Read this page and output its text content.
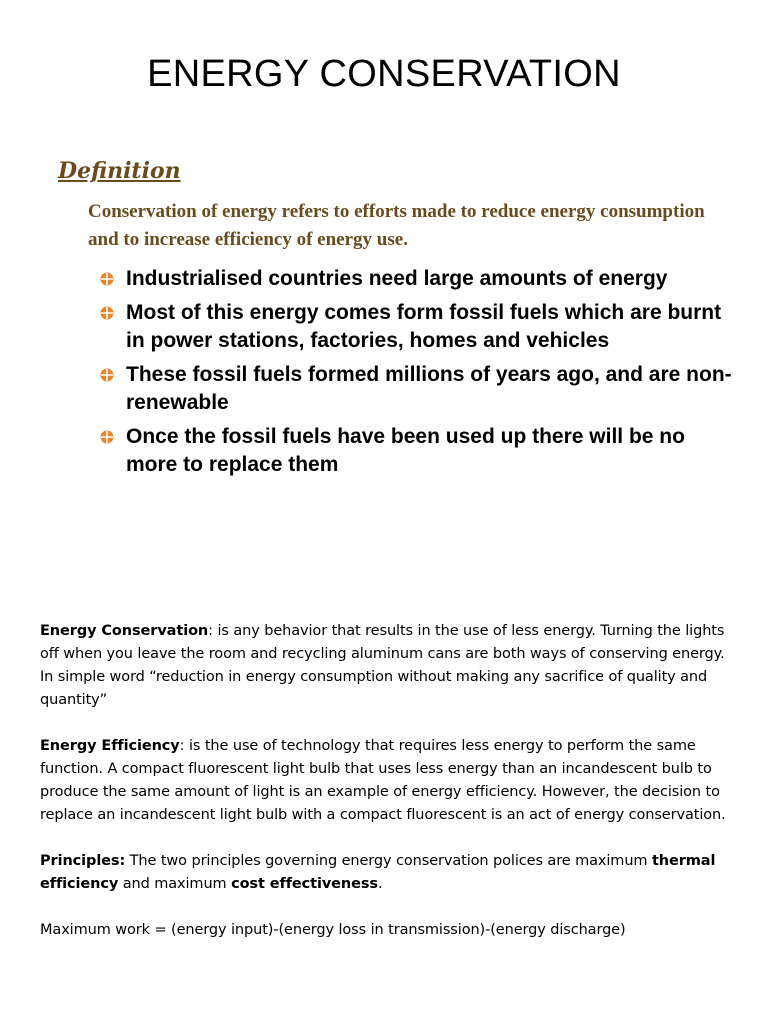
ENERGY CONSERVATION
Definition
Conservation of energy refers to efforts made to reduce energy consumption and to increase efficiency of energy use.
Industrialised countries need large amounts of energy
Most of this energy comes form fossil fuels which are burnt in power stations, factories, homes and vehicles
These fossil fuels formed millions of years ago, and are non-renewable
Once the fossil fuels have been used up there will be no more to replace them

Energy Conservation: is any behavior that results in the use of less energy. Turning the lights off when you leave the room and recycling aluminum cans are both ways of conserving energy.

In simple word “reduction in energy consumption without making any sacrifice of quality and quantity”

Energy Efficiency: is the use of technology that requires less energy to perform the same function. A compact fluorescent light bulb that uses less energy than an incandescent bulb to produce the same amount of light is an example of energy efficiency. However, the decision to replace an incandescent light bulb with a compact fluorescent is an act of energy conservation.

Principles: The two principles governing energy conservation polices are maximum thermal efficiency and maximum cost effectiveness.

Maximum work = (energy input)-(energy loss in transmission)-(energy discharge)
